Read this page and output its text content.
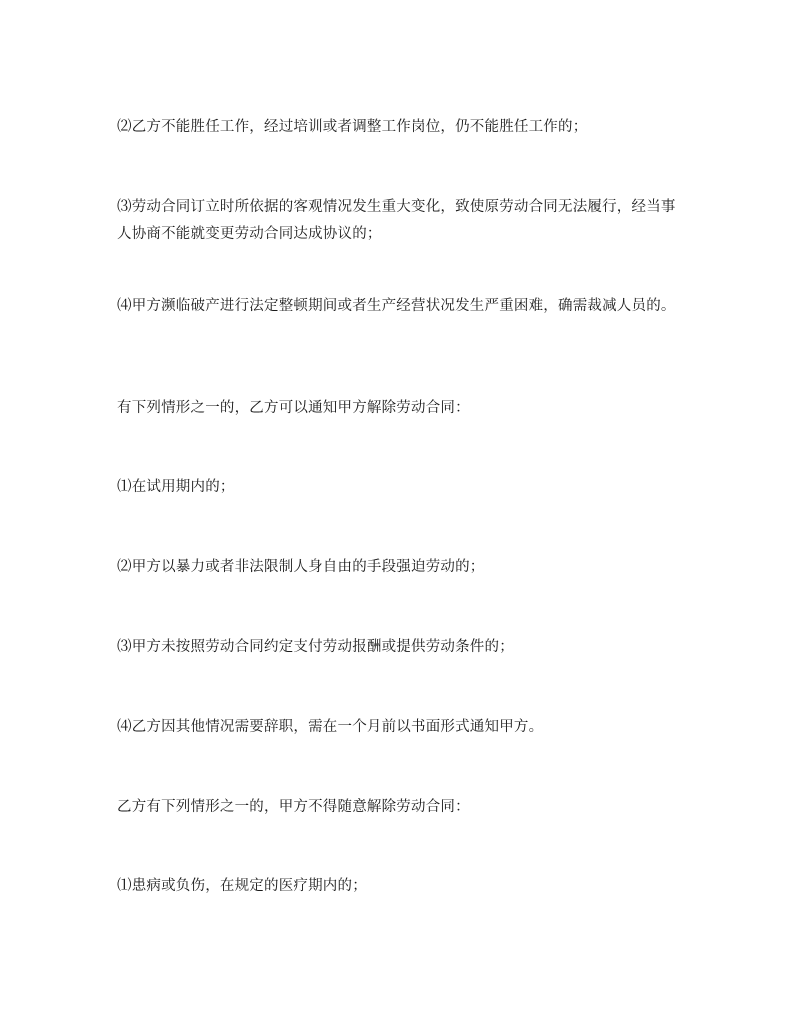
⑵乙方不能胜任工作，经过培训或者调整工作岗位，仍不能胜任工作的；

⑶劳动合同订立时所依据的客观情况发生重大变化，致使原劳动合同无法履行，经当事人协商不能就变更劳动合同达成协议的；

⑷甲方濒临破产进行法定整顿期间或者生产经营状况发生严重困难，确需裁减人员的。

有下列情形之一的，乙方可以通知甲方解除劳动合同：

⑴在试用期内的；

⑵甲方以暴力或者非法限制人身自由的手段强迫劳动的；

⑶甲方未按照劳动合同约定支付劳动报酬或提供劳动条件的；

⑷乙方因其他情况需要辞职，需在一个月前以书面形式通知甲方。

乙方有下列情形之一的，甲方不得随意解除劳动合同：

⑴患病或负伤，在规定的医疗期内的；
